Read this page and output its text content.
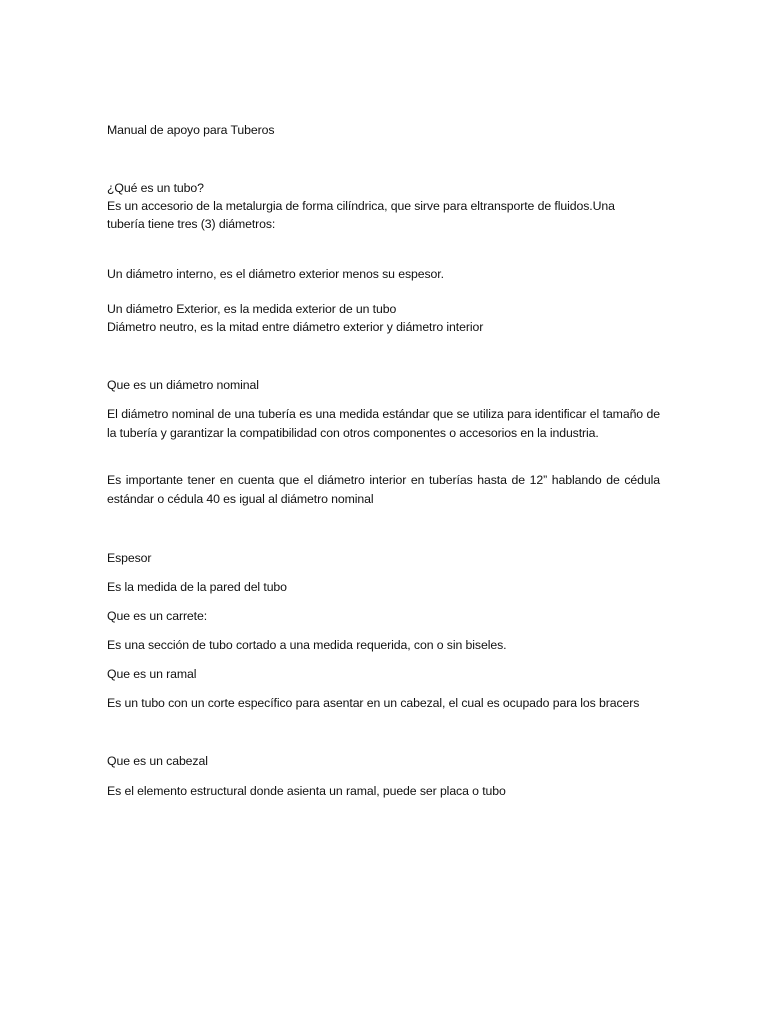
Manual de apoyo para Tuberos
¿Qué es un tubo?
Es un accesorio de la metalurgia de forma cilíndrica, que sirve para eltransporte de fluidos.Una
tubería tiene tres (3) diámetros:
Un diámetro interno, es el diámetro exterior menos su espesor.
Un diámetro Exterior, es la medida exterior de un tubo
Diámetro neutro, es la mitad entre diámetro exterior y diámetro interior
Que es un diámetro nominal
El diámetro nominal de una tubería es una medida estándar que se utiliza para identificar el tamaño de la tubería y garantizar la compatibilidad con otros componentes o accesorios en la industria.
Es importante tener en cuenta que el diámetro interior en tuberías hasta de 12” hablando de cédula estándar o cédula 40 es igual al diámetro nominal
Espesor
Es la medida de la pared del tubo
Que es un carrete:
Es una sección de tubo cortado a una medida requerida, con o sin biseles.
Que es un ramal
Es un tubo con un corte específico para asentar en un cabezal, el cual es ocupado para los bracers
Que es un cabezal
Es el elemento estructural donde asienta un ramal, puede ser placa o tubo
